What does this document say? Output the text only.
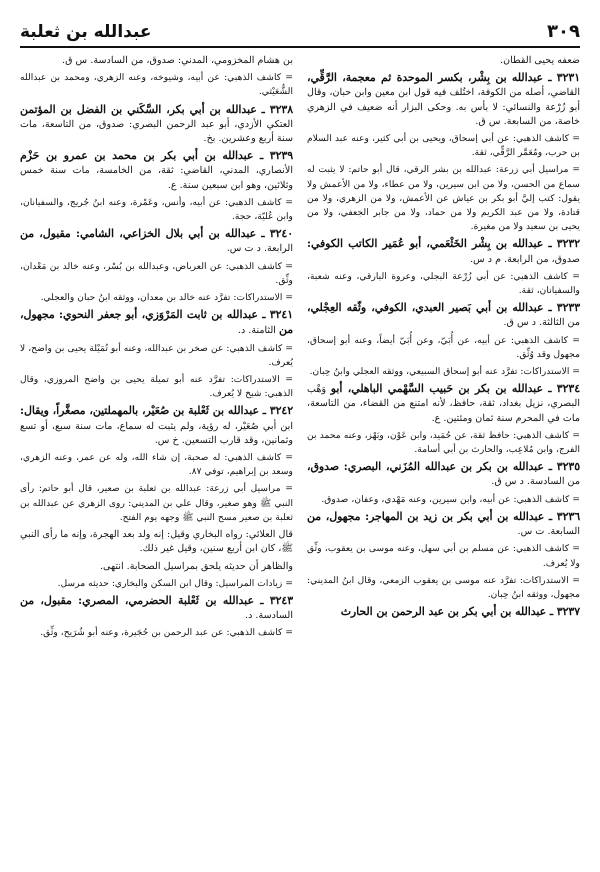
٣٠٩
عبدالله بن ثعلبة
ضعفه يحيى القطان.
٣٢٣١ ـ عبدالله بن بِشْر، بكسر الموحدة ثم معجمة، الرَّقِّي، القاضي، أصله من الكوفة، اختُلف فيه قول ابن معين وابن حبان، وقال أبو زُرْعة والنسائي: لا بأس به. وحكى البزار أنه ضعيف في الزهري خاصة، من السابعة. س ق.
= كاشف الذهبي: عن أبي إسحاق، ويحيى بن أبي كثير، وعنه عبد السلام بن حرب، ومُعَمَّر الرَّقِّي، ثقة.
= مراسيل أبي زرعة: عبدالله بن بشر الرقي، قال أبو حاتم: لا يثبت له سماع من الحسن، ولا من ابن سيرين، ولا من عطاء، ولا من الأعمش ولا يقول: كتب إليَّ أبو بكر بن عياش عن الأعمش، ولا من الزهري، ولا من قتادة، ولا من عبد الكريم ولا من حماد، ولا من جابر الجعفي، ولا من يحيى بن سعيد ولا من مغيرة.
٣٢٣٢ ـ عبدالله بن بِشْر الخَثْعَمي، أبو عُمَير الكاتب الكوفي: صدوق، من الرابعة. م د س.
= كاشف الذهبي: عن أبي زُرْعة البجلي، وعروة البارقي، وعنه شعبة، والسفيانان، ثقة.
٣٢٣٣ ـ عبدالله بن أبي بَصير العبدي، الكوفي، وثّقه العِجْلي، من الثالثة. د س ق.
= كاشف الذهبي: عن أبيه، عن أُبَيّ، وعن أُبَيّ أيضاً، وعنه أبو إسحاق، مجهول وقد وُثِّق.
= الاستدراكات: تفرَّد عنه أبو إسحاق السبيعي، ووثقه العجلي وابنُ حِبان.
٣٢٣٤ ـ عبدالله بن بكر بن حَبيب السَّهْمي الباهلي، أبو وَهْب البصري، نزيل بغداد، ثقة، حافظ، لأنه امتنع من القضاء، من التاسعة، مات في المحرم سنة ثمان ومئتين. ع.
= كاشف الذهبي: حافظ ثقة، عن حُمَيد، وابن عَوْن، وبَهْز، وعنه محمد بن الفرج، وابن مُلاعِب، والحارث بن أبي أسامة.
٣٢٣٥ ـ عبدالله بن بكر بن عبدالله المُزَني، البصري: صدوق، من السادسة. د س ق.
= كاشف الذهبي: عن أبيه، وابن سيرين، وعنه مَهْدي، وعفان، صدوق.
٣٢٣٦ ـ عبدالله بن أبي بكر بن زيد بن المهاجر: مجهول، من السابعة. ت س.
= كاشف الذهبي: عن مسلم بن أبي سهل، وعنه موسى بن يعقوب، وثِّق ولا يُعرف.
= الاستدراكات: تفرَّد عنه موسى بن يعقوب الزمعي، وقال ابنُ المديني: مجهول، ووثقه ابنُ حِبان.
٣٢٣٧ ـ عبدالله بن أبي بكر بن عبد الرحمن بن الحارث
بن هشام المخزومي، المدني: صدوق، من السادسة. س ق.
= كاشف الذهبي: عن أبيه، وشيوخه، وعنه الزهري، ومحمد بن عبدالله الشُّعَيْثي.
٣٢٣٨ ـ عبدالله بن أبي بكر، السَّكَني بن الفضل بن المؤتمن العتكي الأزدي، أبو عبد الرحمن البصري: صدوق، من التاسعة، مات سنة أربع وعشرين. بخ.
٣٢٣٩ ـ عبدالله بن أبي بكر بن محمد بن عمرو بن حَزْم الأنصاري، المدني، القاضي: ثقة، من الخامسة، مات سنة خمس وثلاثين، وهو ابن سبعين سنة. ع.
= كاشف الذهبي: عن أبيه، وأنس، وعَمْرة، وعنه ابنُ جُريج، والسفيانان، وابن عُليّة، حجة.
٣٢٤٠ ـ عبدالله بن أبي بلال الخزاعي، الشامي: مقبول، من الرابعة. د ت س.
= كاشف الذهبي: عن العرباض، وعبدالله بن بُسْر، وعنه خالد بن مَعْدان، وثِّق.
= الاستدراكات: تفرَّد عنه خالد بن معدان، ووثقه ابنُ حبان والعجلي.
٣٢٤١ ـ عبدالله بن ثابت المَرْوَزي، أبو جعفر النحوي: مجهول، من الثامنة. د.
= كاشف الذهبي: عن صخر بن عبدالله، وعنه أبو تُمَيْلة يحيى بن واضح، لا يُعرف.
= الاستدراكات: تفرَّد عنه أبو تميلة يحيى بن واضح المروزي، وقال الذهبي: شيخ لا يُعرف.
٣٢٤٢ ـ عبدالله بن ثَعْلبة بن صُعَيْر، بالمهملتين، مصغَّراً، ويقال: ابن أبي صُعَيْر، له رؤية، ولم يثبت له سماع، مات سنة سبع، أو تسع وثمانين، وقد قارب التسعين. خ س.
= كاشف الذهبي: له صحبة، إن شاء الله، وله عن عمر، وعنه الزهري، وسعد بن إبراهيم، توفي ٨٧.
= مراسيل أبي زرعة: عبدالله بن ثعلبة بن صعير، قال أبو حاتم: رأى النبي ﷺ وهو صغير، وقال علي بن المديني: روى الزهري عن عبدالله بن ثعلبة بن صعير مسح النبي ﷺ وجهه يوم الفتح.
قال العلائي: رواه البخاري وقيل: إنه ولد بعد الهجرة، وإنه ما رأى النبي ﷺ، كان ابن أربع سنين، وقيل غير ذلك.
والظاهر أن حديثه يلحق بمراسيل الصحابة. انتهى.
= زيادات المراسيل: وقال ابن السكن والبخاري: حديثه مرسل.
٣٢٤٣ ـ عبدالله بن ثَعْلبة الحضرمي، المصري: مقبول، من السادسة. د.
= كاشف الذهبي: عن عبد الرحمن بن حُجَيرة، وعنه أبو شُرَيح، وثِّق.
